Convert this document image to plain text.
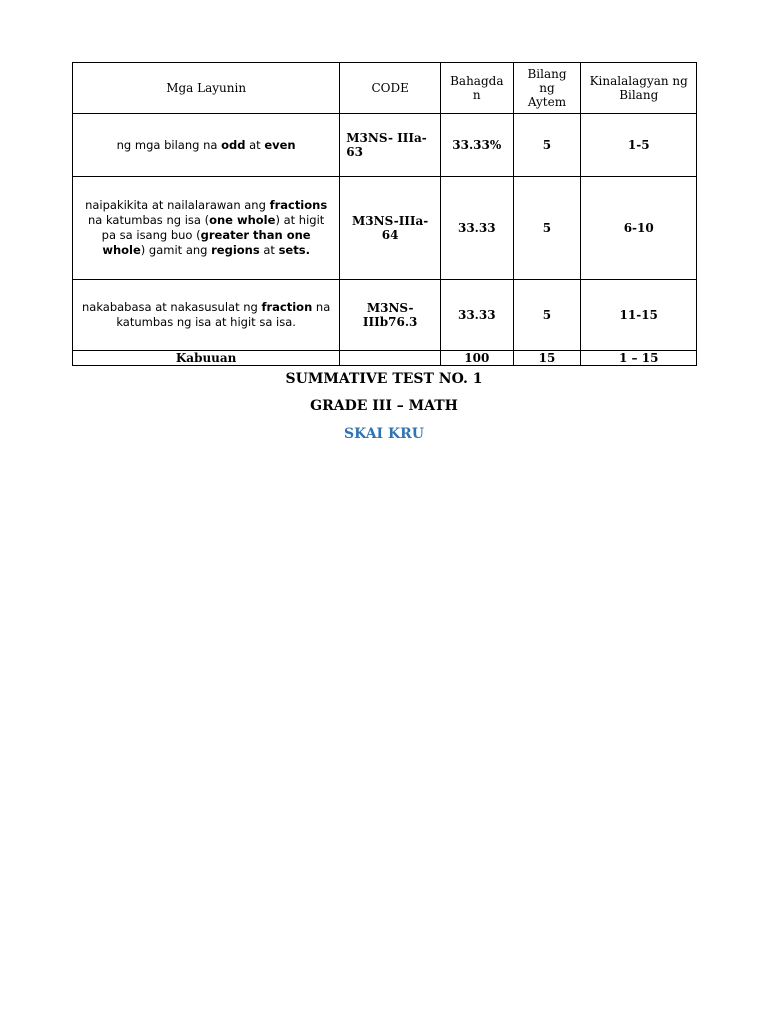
Mga Layunin	CODE	Bahagdan	Bilang ng Aytem	Kinalalagyan ng Bilang
ng mga bilang na odd at even	M3NS- IIIa-63	33.33%	5	1-5
naipakikita at nailalarawan ang fractions na katumbas ng isa (one whole) at higit pa sa isang buo (greater than one whole) gamit ang regions at sets.	M3NS-IIIa-64	33.33	5	6-10
nakababasa at nakasusulat ng fraction na katumbas ng isa at higit sa isa.	M3NS-IIIb76.3	33.33	5	11-15
Kabuuan		100	15	1 – 15
SUMMATIVE TEST NO. 1
GRADE III – MATH
SKAI KRU
